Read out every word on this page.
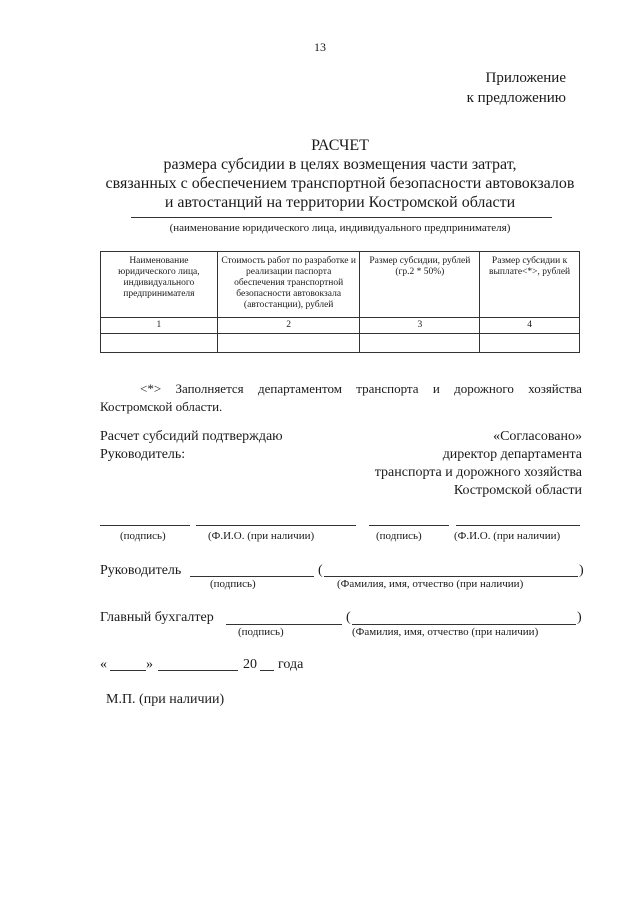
13
Приложение
к предложению
РАСЧЕТ
размера субсидии в целях возмещения части затрат,
связанных с обеспечением транспортной безопасности автовокзалов
и автостанций на территории Костромской области
(наименование юридического лица, индивидуального предпринимателя)
Наименование юридического лица, индивидуального предпринимателя	Стоимость работ по разработке и реализации паспорта обеспечения транспортной безопасности автовокзала (автостанции), рублей	Размер субсидии, рублей (гр.2 * 50%)	Размер субсидии к выплате<*>, рублей
1	2	3	4

<*> Заполняется департаментом транспорта и дорожного хозяйства
Костромской области.
Расчет субсидий подтверждаю
Руководитель:
«Согласовано»
директор департамента
транспорта и дорожного хозяйства
Костромской области
(подпись)	(Ф.И.О. (при наличии)	(подпись)	(Ф.И.О. (при наличии)
Руководитель	(	)
(подпись)	(Фамилия, имя, отчество (при наличии)
Главный бухгалтер	(	)
(подпись)	(Фамилия, имя, отчество (при наличии)
«	»	20 года
М.П. (при наличии)
